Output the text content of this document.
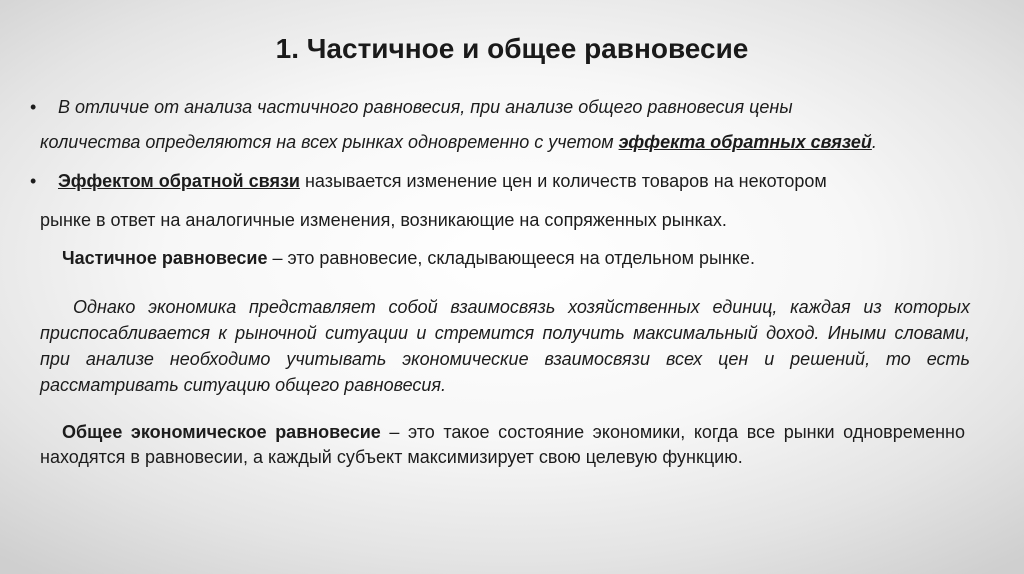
1. Частичное и общее равновесие
• В отличие от анализа частичного равновесия, при анализе общего равновесия цены
количества определяются на всех рынках одновременно с учетом эффекта обратных связей.
• Эффектом обратной связи называется изменение цен и количеств товаров на некотором
рынке в ответ на аналогичные изменения, возникающие на сопряженных рынках.
Частичное равновесие – это равновесие, складывающееся на отдельном рынке.
Однако экономика представляет собой взаимосвязь хозяйственных единиц, каждая из которых приспосабливается к рыночной ситуации и стремится получить максимальный доход. Иными словами, при анализе необходимо учитывать экономические взаимосвязи всех цен и решений, то есть рассматривать ситуацию общего равновесия.
Общее экономическое равновесие – это такое состояние экономики, когда все рынки одновременно находятся в равновесии, а каждый субъект максимизирует свою целевую функцию.
